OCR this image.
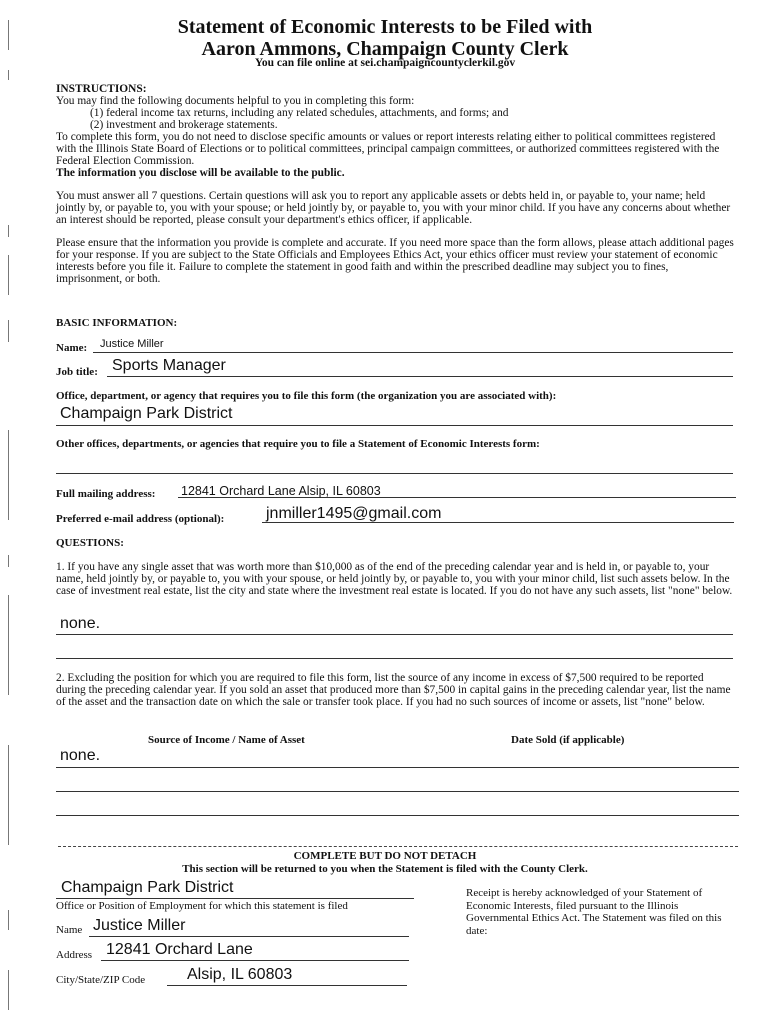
Statement of Economic Interests to be Filed with
Aaron Ammons, Champaign County Clerk
You can file online at sei.champaigncountyclerkil.gov

INSTRUCTIONS:

You may find the following documents helpful to you in completing this form:

(1) federal income tax returns, including any related schedules, attachments, and forms; and

(2) investment and brokerage statements.

To complete this form, you do not need to disclose specific amounts or values or report interests relating either to political committees registered with the Illinois State Board of Elections or to political committees, principal campaign committees, or authorized committees registered with the Federal Election Commission.

The information you disclose will be available to the public.

You must answer all 7 questions. Certain questions will ask you to report any applicable assets or debts held in, or payable to, your name; held jointly by, or payable to, you with your spouse; or held jointly by, or payable to, you with your minor child. If you have any concerns about whether an interest should be reported, please consult your department's ethics officer, if applicable.

Please ensure that the information you provide is complete and accurate. If you need more space than the form allows, please attach additional pages for your response. If you are subject to the State Officials and Employees Ethics Act, your ethics officer must review your statement of economic interests before you file it. Failure to complete the statement in good faith and within the prescribed deadline may subject you to fines, imprisonment, or both.

BASIC INFORMATION:
Name: Justice Miller
Job title: Sports Manager
Office, department, or agency that requires you to file this form (the organization you are associated with):
Champaign Park District
Other offices, departments, or agencies that require you to file a Statement of Economic Interests form:
Full mailing address: 12841 Orchard Lane Alsip, IL 60803
Preferred e-mail address (optional):	jnmiller1495@gmail.com
QUESTIONS:

1. If you have any single asset that was worth more than $10,000 as of the end of the preceding calendar year and is held in, or payable to, your name, held jointly by, or payable to, you with your spouse, or held jointly by, or payable to, you with your minor child, list such assets below. In the case of investment real estate, list the city and state where the investment real estate is located. If you do not have any such assets, list "none" below.

none.

2. Excluding the position for which you are required to file this form, list the source of any income in excess of $7,500 required to be reported during the preceding calendar year. If you sold an asset that produced more than $7,500 in capital gains in the preceding calendar year, list the name of the asset and the transaction date on which the sale or transfer took place. If you had no such sources of income or assets, list "none" below.

Source of Income / Name of Asset	Date Sold (if applicable)
none.
COMPLETE BUT DO NOT DETACH
This section will be returned to you when the Statement is filed with the County Clerk.
Champaign Park District
Office or Position of Employment for which this statement is filed
Name Justice Miller
Address 12841 Orchard Lane
City/State/ZIP Code	Alsip, IL 60803
Receipt is hereby acknowledged of your Statement of Economic Interests, filed pursuant to the Illinois Governmental Ethics Act. The Statement was filed on this date:
